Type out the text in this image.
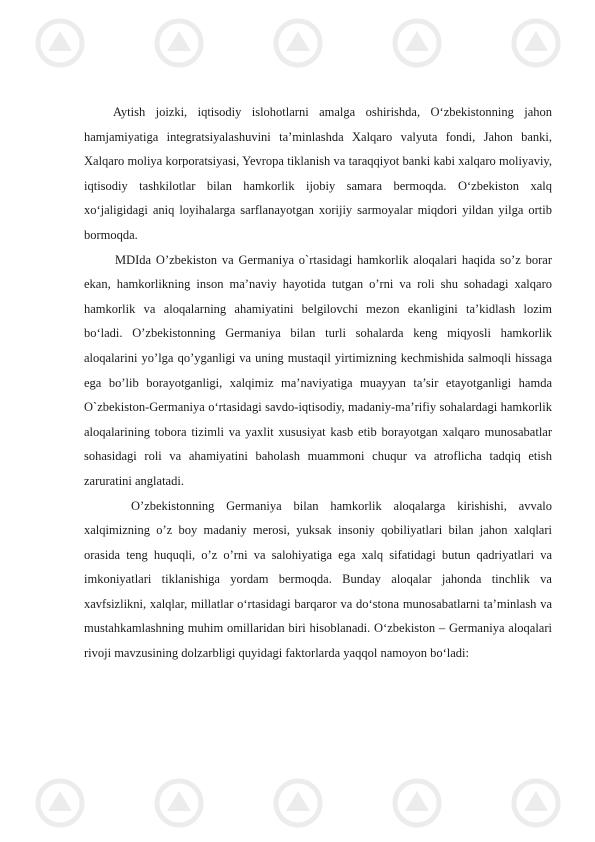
Aytish joizki, iqtisodiy islohotlarni amalga oshirishda, O‘zbekistonning jahon hamjamiyatiga integratsiyalashuvini ta’minlashda Xalqaro valyuta fondi, Jahon banki, Xalqaro moliya korporatsiyasi, Yevropa tiklanish va taraqqiyot banki kabi xalqaro moliyaviy, iqtisodiy tashkilotlar bilan hamkorlik ijobiy samara bermoqda. O‘zbekiston xalq xo‘jaligidagi aniq loyihalarga sarflanayotgan xorijiy sarmoyalar miqdori yildan yilga ortib bormoqda.

MDIda O’zbekiston va Germaniya o`rtasidagi hamkorlik aloqalari haqida so’z borar ekan, hamkorlikning inson ma’naviy hayotida tutgan o’rni va roli shu sohadagi xalqaro hamkorlik va aloqalarning ahamiyatini belgilovchi mezon ekanligini ta’kidlash lozim bo‘ladi. O’zbekistonning Germaniya bilan turli sohalarda keng miqyosli hamkorlik aloqalarini yo’lga qo’yganligi va uning mustaqil yirtimizning kechmishida salmoqli hissaga ega bo’lib borayotganligi, xalqimiz ma’naviyatiga muayyan ta’sir etayotganligi hamda O`zbekiston-Germaniya o‘rtasidagi savdo-iqtisodiy, madaniy-ma’rifiy sohalardagi hamkorlik aloqalarining tobora tizimli va yaxlit xususiyat kasb etib borayotgan xalqaro munosabatlar sohasidagi roli va ahamiyatini baholash muammoni chuqur va atroflicha tadqiq etish zaruratini anglatadi.

O’zbekistonning Germaniya bilan hamkorlik aloqalarga kirishishi, avvalo xalqimizning o’z boy madaniy merosi, yuksak insoniy qobiliyatlari bilan jahon xalqlari orasida teng huquqli, o’z o’rni va salohiyatiga ega xalq sifatidagi butun qadriyatlari va imkoniyatlari tiklanishiga yordam bermoqda. Bunday aloqalar jahonda tinchlik va xavfsizlikni, xalqlar, millatlar o‘rtasidagi barqaror va do‘stona munosabatlarni ta’minlash va mustahkamlashning muhim omillaridan biri hisoblanadi. O‘zbekiston – Germaniya aloqalari rivoji mavzusining dolzarbligi quyidagi faktorlarda yaqqol namoyon bo‘ladi:
